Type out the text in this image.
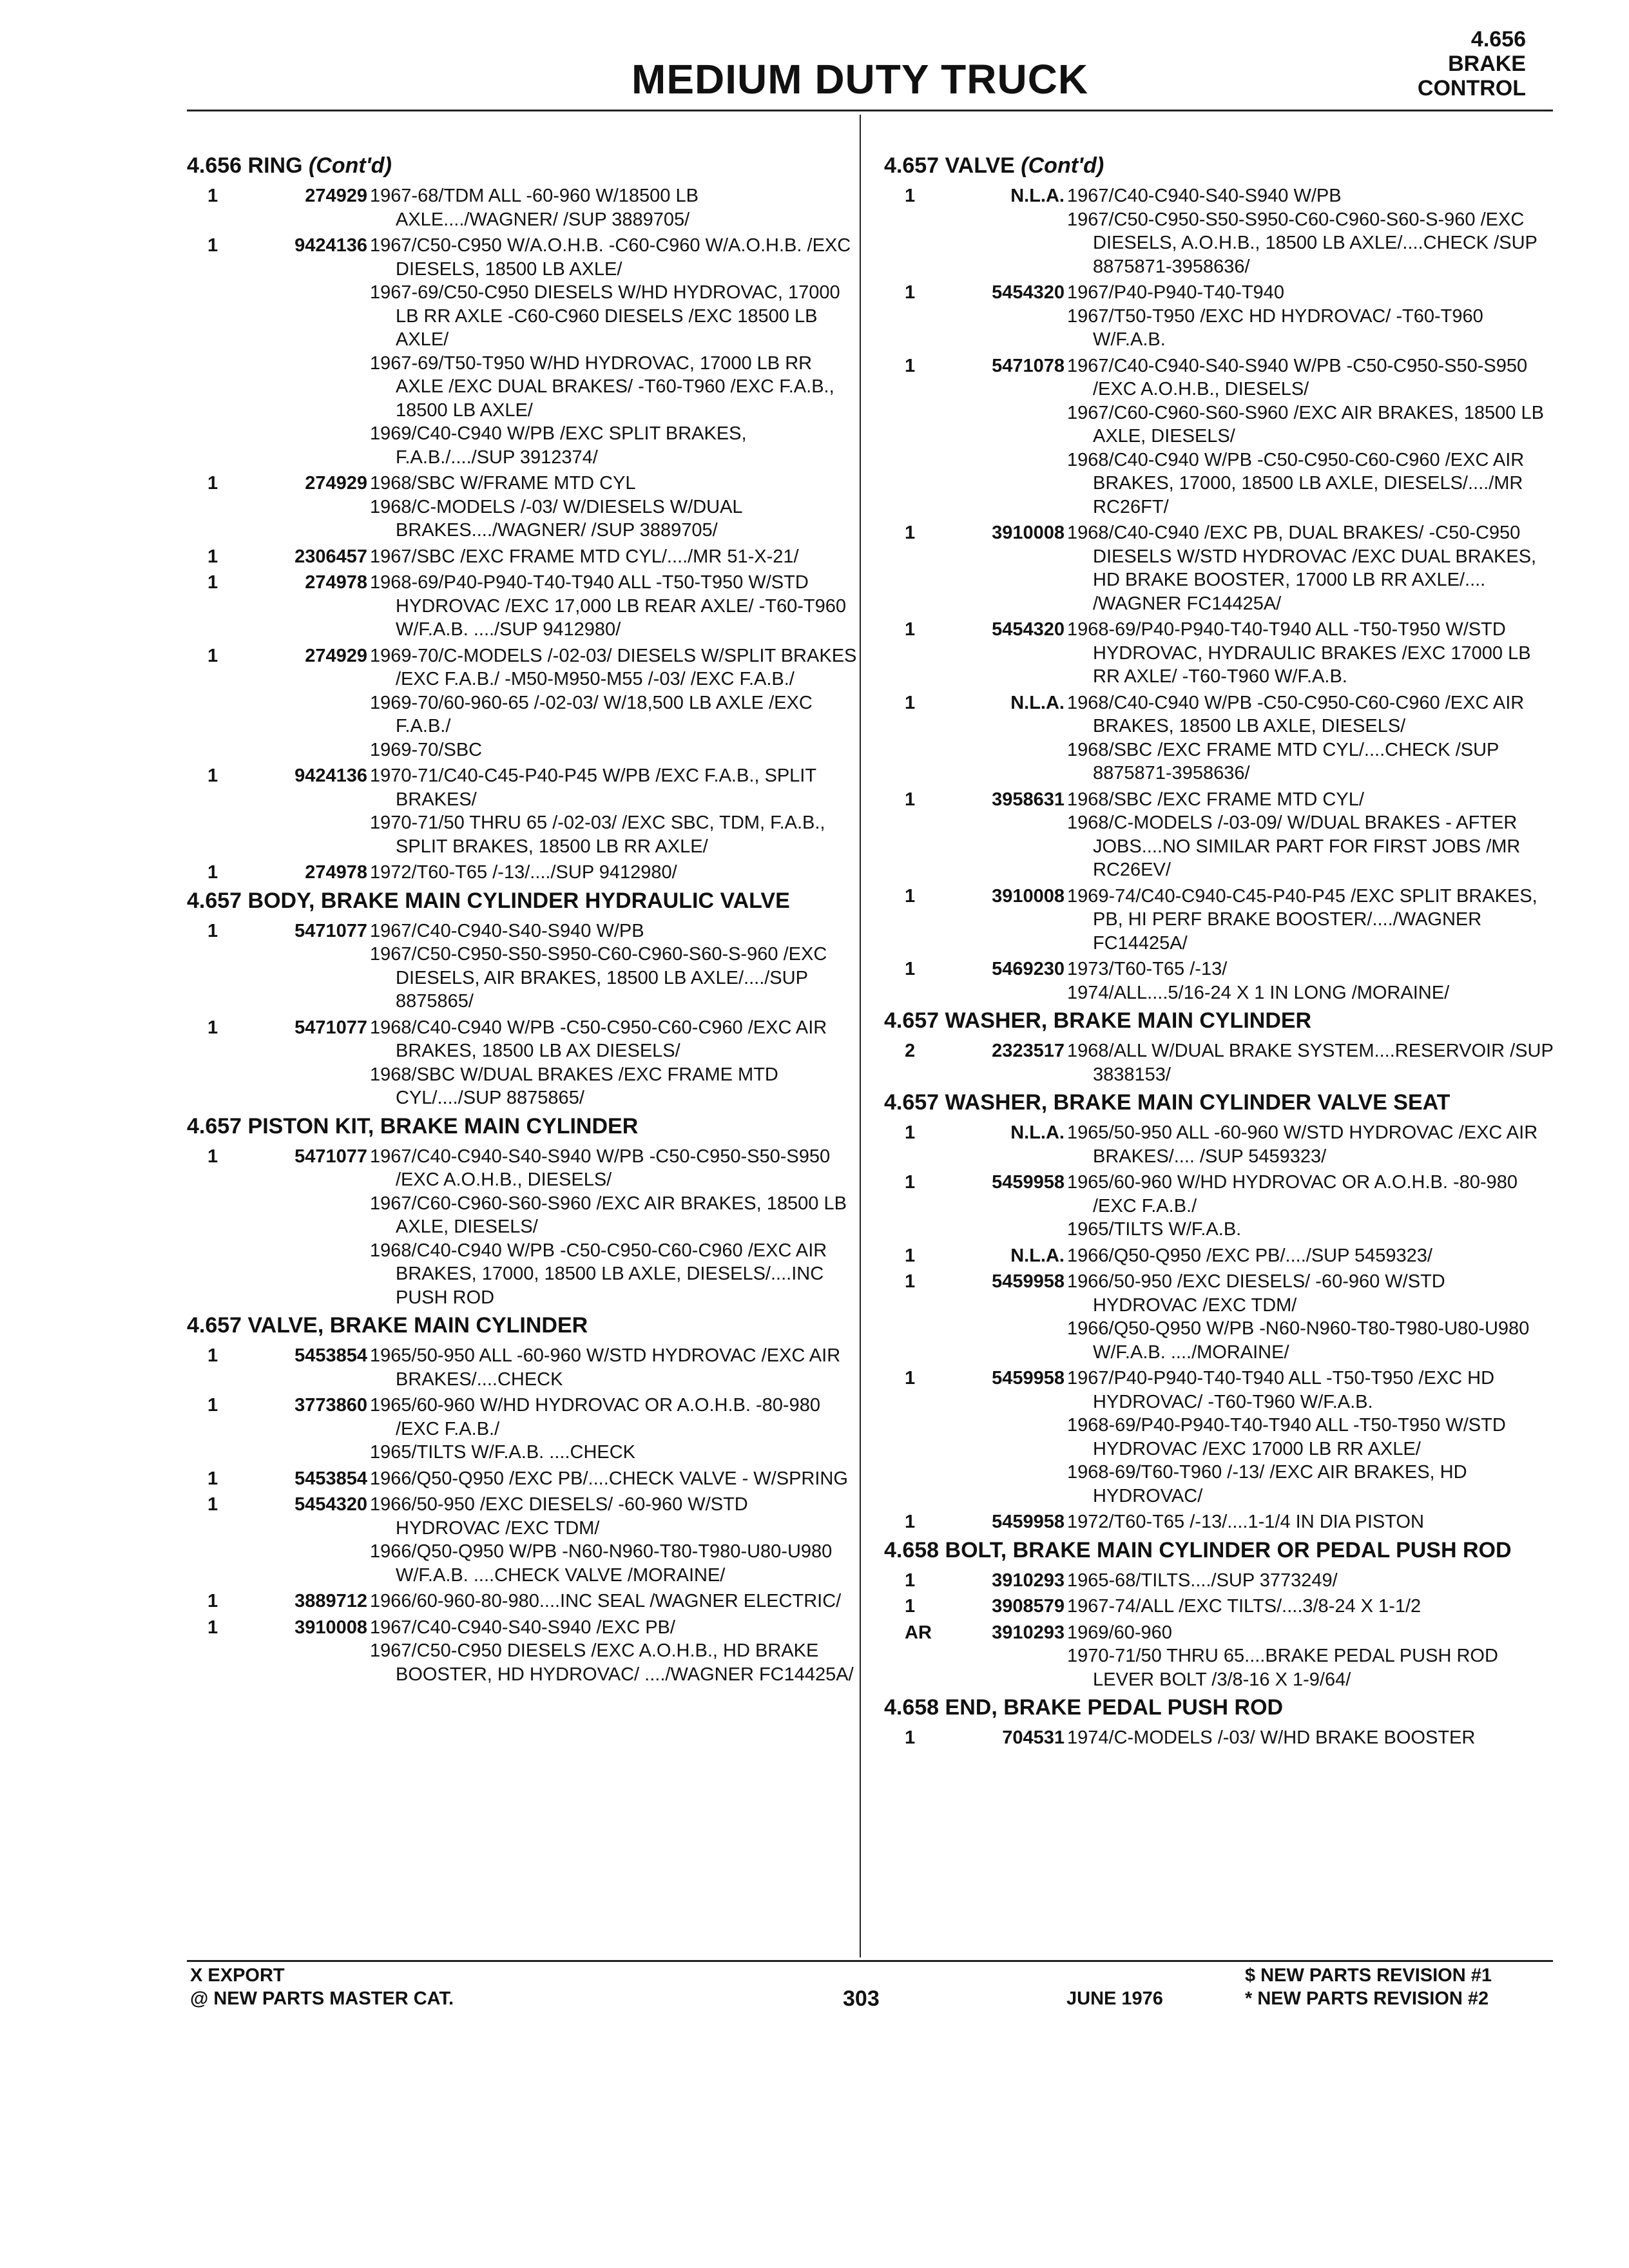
MEDIUM DUTY TRUCK
4.656
BRAKE
CONTROL
4.656 RING (Cont'd)
1	274929 1967-68/TDM ALL -60-960 W/18500 LB AXLE..../WAGNER/ /SUP 3889705/
1	9424136 1967/C50-C950 W/A.O.H.B. -C60-C960 W/A.O.H.B. /EXC DIESELS, 18500 LB AXLE/
1967-69/C50-C950 DIESELS W/HD HYDROVAC, 17000 LB RR AXLE -C60-C960 DIESELS /EXC 18500 LB AXLE/
1967-69/T50-T950 W/HD HYDROVAC, 17000 LB RR AXLE /EXC DUAL BRAKES/ -T60-T960 /EXC F.A.B., 18500 LB AXLE/
1969/C40-C940 W/PB /EXC SPLIT BRAKES, F.A.B./..../SUP 3912374/
1	274929 1968/SBC W/FRAME MTD CYL
1968/C-MODELS /-03/ W/DIESELS W/DUAL BRAKES..../WAGNER/ /SUP 3889705/
1	2306457 1967/SBC /EXC FRAME MTD CYL/..../MR 51-X-21/
1	274978 1968-69/P40-P940-T40-T940 ALL -T50-T950 W/STD HYDROVAC /EXC 17,000 LB REAR AXLE/ -T60-T960 W/F.A.B. ..../SUP 9412980/
1	274929 1969-70/C-MODELS /-02-03/ DIESELS W/SPLIT BRAKES /EXC F.A.B./ -M50-M950-M55 /-03/ /EXC F.A.B./
1969-70/60-960-65 /-02-03/ W/18,500 LB AXLE /EXC F.A.B./
1969-70/SBC
1	9424136 1970-71/C40-C45-P40-P45 W/PB /EXC F.A.B., SPLIT BRAKES/
1970-71/50 THRU 65 /-02-03/ /EXC SBC, TDM, F.A.B., SPLIT BRAKES, 18500 LB RR AXLE/
1	274978 1972/T60-T65 /-13/..../SUP 9412980/
4.657 BODY, BRAKE MAIN CYLINDER HYDRAULIC VALVE
1	5471077 1967/C40-C940-S40-S940 W/PB
1967/C50-C950-S50-S950-C60-C960-S60-S-960 /EXC DIESELS, AIR BRAKES, 18500 LB AXLE/..../SUP 8875865/
1	5471077 1968/C40-C940 W/PB -C50-C950-C60-C960 /EXC AIR BRAKES, 18500 LB AX DIESELS/
1968/SBC W/DUAL BRAKES /EXC FRAME MTD CYL/..../SUP 8875865/
4.657 PISTON KIT, BRAKE MAIN CYLINDER
1	5471077 1967/C40-C940-S40-S940 W/PB -C50-C950-S50-S950 /EXC A.O.H.B., DIESELS/
1967/C60-C960-S60-S960 /EXC AIR BRAKES, 18500 LB AXLE, DIESELS/
1968/C40-C940 W/PB -C50-C950-C60-C960 /EXC AIR BRAKES, 17000, 18500 LB AXLE, DIESELS/....INC PUSH ROD
4.657 VALVE, BRAKE MAIN CYLINDER
1	5453854 1965/50-950 ALL -60-960 W/STD HYDROVAC /EXC AIR BRAKES/....CHECK
1	3773860 1965/60-960 W/HD HYDROVAC OR A.O.H.B. -80-980 /EXC F.A.B./
1965/TILTS W/F.A.B. ....CHECK
1	5453854 1966/Q50-Q950 /EXC PB/....CHECK VALVE - W/SPRING
1	5454320 1966/50-950 /EXC DIESELS/ -60-960 W/STD HYDROVAC /EXC TDM/
1966/Q50-Q950 W/PB -N60-N960-T80-T980-U80-U980 W/F.A.B. ....CHECK VALVE /MORAINE/
1	3889712 1966/60-960-80-980....INC SEAL /WAGNER ELECTRIC/
1	3910008 1967/C40-C940-S40-S940 /EXC PB/
1967/C50-C950 DIESELS /EXC A.O.H.B., HD BRAKE BOOSTER, HD HYDROVAC/ ..../WAGNER FC14425A/
4.657 VALVE (Cont'd)
1	N.L.A. 1967/C40-C940-S40-S940 W/PB
1967/C50-C950-S50-S950-C60-C960-S60-S-960 /EXC DIESELS, A.O.H.B., 18500 LB AXLE/....CHECK /SUP 8875871-3958636/
1	5454320 1967/P40-P940-T40-T940
1967/T50-T950 /EXC HD HYDROVAC/ -T60-T960 W/F.A.B.
1	5471078 1967/C40-C940-S40-S940 W/PB -C50-C950-S50-S950 /EXC A.O.H.B., DIESELS/
1967/C60-C960-S60-S960 /EXC AIR BRAKES, 18500 LB AXLE, DIESELS/
1968/C40-C940 W/PB -C50-C950-C60-C960 /EXC AIR BRAKES, 17000, 18500 LB AXLE, DIESELS/..../MR RC26FT/
1	3910008 1968/C40-C940 /EXC PB, DUAL BRAKES/ -C50-C950 DIESELS W/STD HYDROVAC /EXC DUAL BRAKES, HD BRAKE BOOSTER, 17000 LB RR AXLE/.... /WAGNER FC14425A/
1	5454320 1968-69/P40-P940-T40-T940 ALL -T50-T950 W/STD HYDROVAC, HYDRAULIC BRAKES /EXC 17000 LB RR AXLE/ -T60-T960 W/F.A.B.
1	N.L.A. 1968/C40-C940 W/PB -C50-C950-C60-C960 /EXC AIR BRAKES, 18500 LB AXLE, DIESELS/
1968/SBC /EXC FRAME MTD CYL/....CHECK /SUP 8875871-3958636/
1	3958631 1968/SBC /EXC FRAME MTD CYL/
1968/C-MODELS /-03-09/ W/DUAL BRAKES - AFTER JOBS....NO SIMILAR PART FOR FIRST JOBS /MR RC26EV/
1	3910008 1969-74/C40-C940-C45-P40-P45 /EXC SPLIT BRAKES, PB, HI PERF BRAKE BOOSTER/..../WAGNER FC14425A/
1	5469230 1973/T60-T65 /-13/
1974/ALL....5/16-24 X 1 IN LONG /MORAINE/
4.657 WASHER, BRAKE MAIN CYLINDER
2	2323517 1968/ALL W/DUAL BRAKE SYSTEM....RESERVOIR /SUP 3838153/
4.657 WASHER, BRAKE MAIN CYLINDER VALVE SEAT
1	N.L.A. 1965/50-950 ALL -60-960 W/STD HYDROVAC /EXC AIR BRAKES/.... /SUP 5459323/
1	5459958 1965/60-960 W/HD HYDROVAC OR A.O.H.B. -80-980 /EXC F.A.B./
1965/TILTS W/F.A.B.
1	N.L.A. 1966/Q50-Q950 /EXC PB/..../SUP 5459323/
1	5459958 1966/50-950 /EXC DIESELS/ -60-960 W/STD HYDROVAC /EXC TDM/
1966/Q50-Q950 W/PB -N60-N960-T80-T980-U80-U980 W/F.A.B. ..../MORAINE/
1	5459958 1967/P40-P940-T40-T940 ALL -T50-T950 /EXC HD HYDROVAC/ -T60-T960 W/F.A.B.
1968-69/P40-P940-T40-T940 ALL -T50-T950 W/STD HYDROVAC /EXC 17000 LB RR AXLE/
1968-69/T60-T960 /-13/ /EXC AIR BRAKES, HD HYDROVAC/
1	5459958 1972/T60-T65 /-13/....1-1/4 IN DIA PISTON
4.658 BOLT, BRAKE MAIN CYLINDER OR PEDAL PUSH ROD
1	3910293 1965-68/TILTS..../SUP 3773249/
1	3908579 1967-74/ALL /EXC TILTS/....3/8-24 X 1-1/2
AR	3910293 1969/60-960
1970-71/50 THRU 65....BRAKE PEDAL PUSH ROD LEVER BOLT /3/8-16 X 1-9/64/
4.658 END, BRAKE PEDAL PUSH ROD
1	704531 1974/C-MODELS /-03/ W/HD BRAKE BOOSTER
X EXPORT
@ NEW PARTS MASTER CAT.	303	JUNE 1976
$ NEW PARTS REVISION #1
* NEW PARTS REVISION #2
